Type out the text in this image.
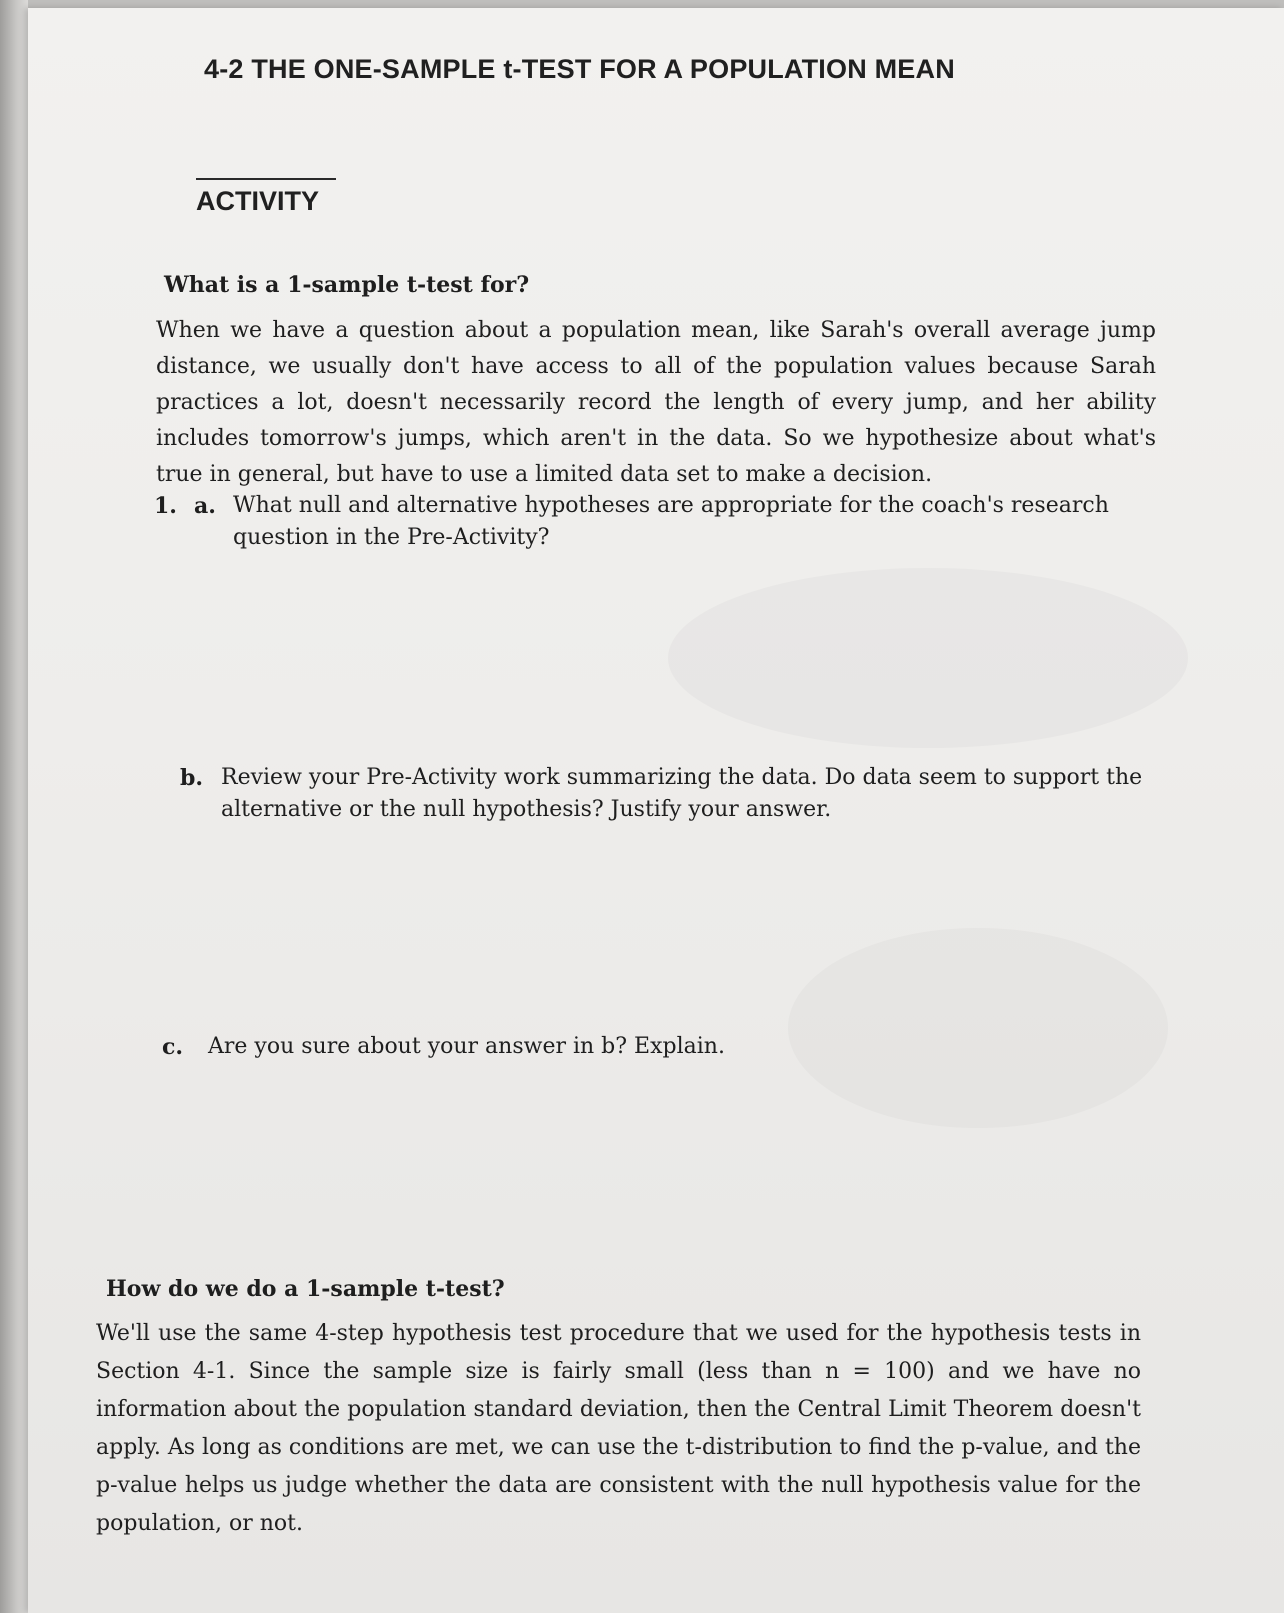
4-2 THE ONE-SAMPLE t-TEST FOR A POPULATION MEAN
ACTIVITY
What is a 1-sample t-test for?

When we have a question about a population mean, like Sarah's overall average jump distance, we usually don't have access to all of the population values because Sarah practices a lot, doesn't necessarily record the length of every jump, and her ability includes tomorrow's jumps, which aren't in the data. So we hypothesize about what's true in general, but have to use a limited data set to make a decision.

1. a. What null and alternative hypotheses are appropriate for the coach's research question in the Pre-Activity?

b. Review your Pre-Activity work summarizing the data. Do data seem to support the alternative or the null hypothesis? Justify your answer.

c. Are you sure about your answer in b? Explain.

How do we do a 1-sample t-test?

We'll use the same 4-step hypothesis test procedure that we used for the hypothesis tests in Section 4-1. Since the sample size is fairly small (less than n = 100) and we have no information about the population standard deviation, then the Central Limit Theorem doesn't apply. As long as conditions are met, we can use the t-distribution to find the p-value, and the p-value helps us judge whether the data are consistent with the null hypothesis value for the population, or not.
